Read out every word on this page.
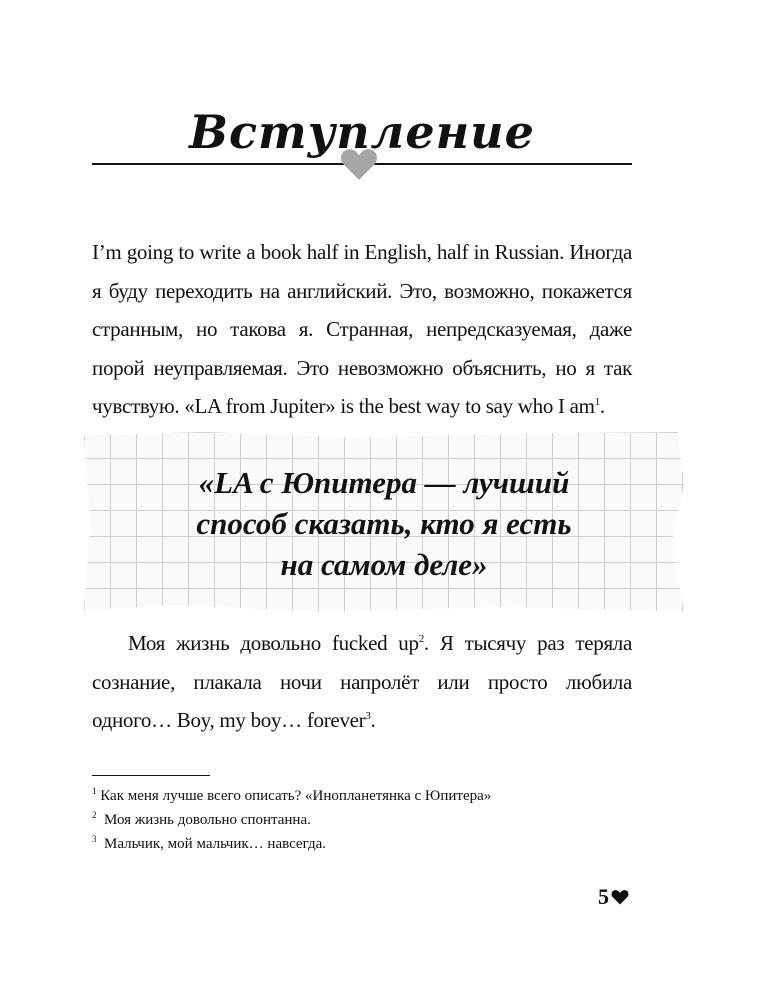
Вступление
I’m going to write a book half in English, half in Russian. Иногда я буду переходить на английский. Это, возможно, покажется странным, но такова я. Странная, непредсказуемая, даже порой неуправляемая. Это невозможно объяснить, но я так чувствую. «LA from Jupiter» is the best way to say who I $am^1$.
«LA с Юпитера — лучший
способ сказать, кто я есть
на самом деле»
Моя жизнь довольно fucked $up^2$. Я тысячу раз теряла сознание, плакала ночи напролёт или просто любила одного… Boy, my boy… forever$^3$.
$^1$ Как меня лучше всего описать? «Инопланетянка с Юпитера»
$^2$ Моя жизнь довольно спонтанна.
$^3$ Мальчик, мой мальчик… навсегда.
5
